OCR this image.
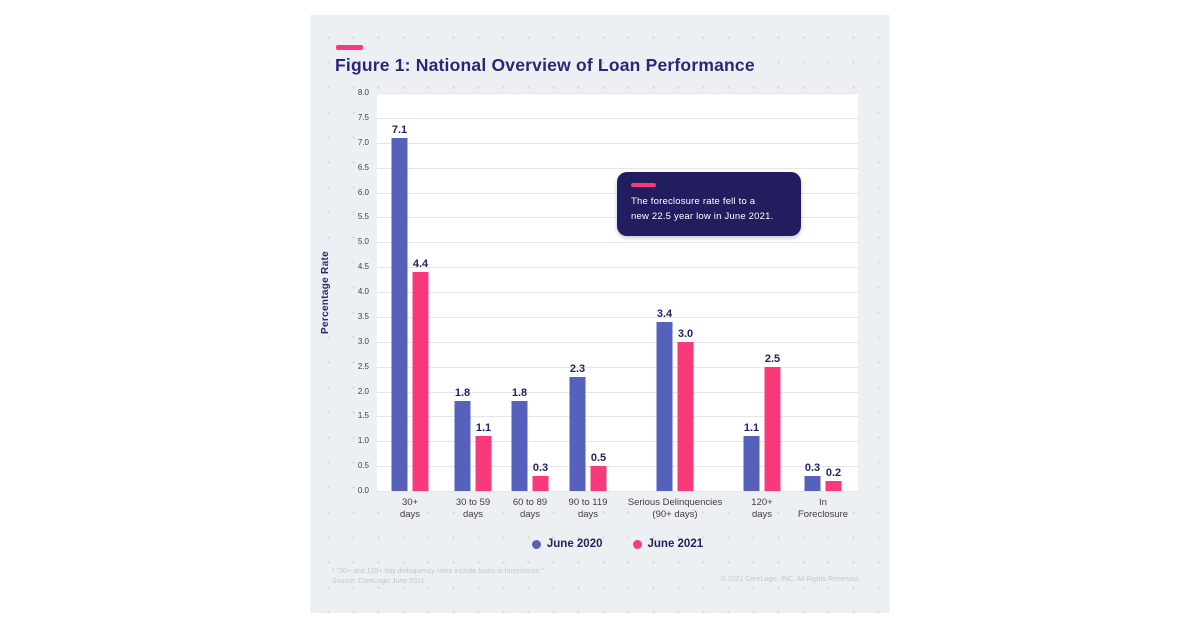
Figure 1: National Overview of Loan Performance
Percentage Rate
0.0
0.5
1.0
1.5
2.0
2.5
3.0
3.5
4.0
4.5
5.0
5.5
6.0
6.5
7.0
7.5
8.0
7.1
4.4
30+
days
1.8
1.1
30 to 59
days
1.8
0.3
60 to 89
days
2.3
0.5
90 to 119
days
3.4
3.0
Serious Delinquencies
(90+ days)
1.1
2.5
120+
days
0.3 0.2
In
Foreclosure
June 2020	June 2021
The foreclosure rate fell to a
new 22.5 year low in June 2021.
* "30+ and 120+ day delinquency rates include loans in foreclosure."
Source: CoreLogic June 2021	© 2021 CoreLogic, INC. All Rights Reserved.
